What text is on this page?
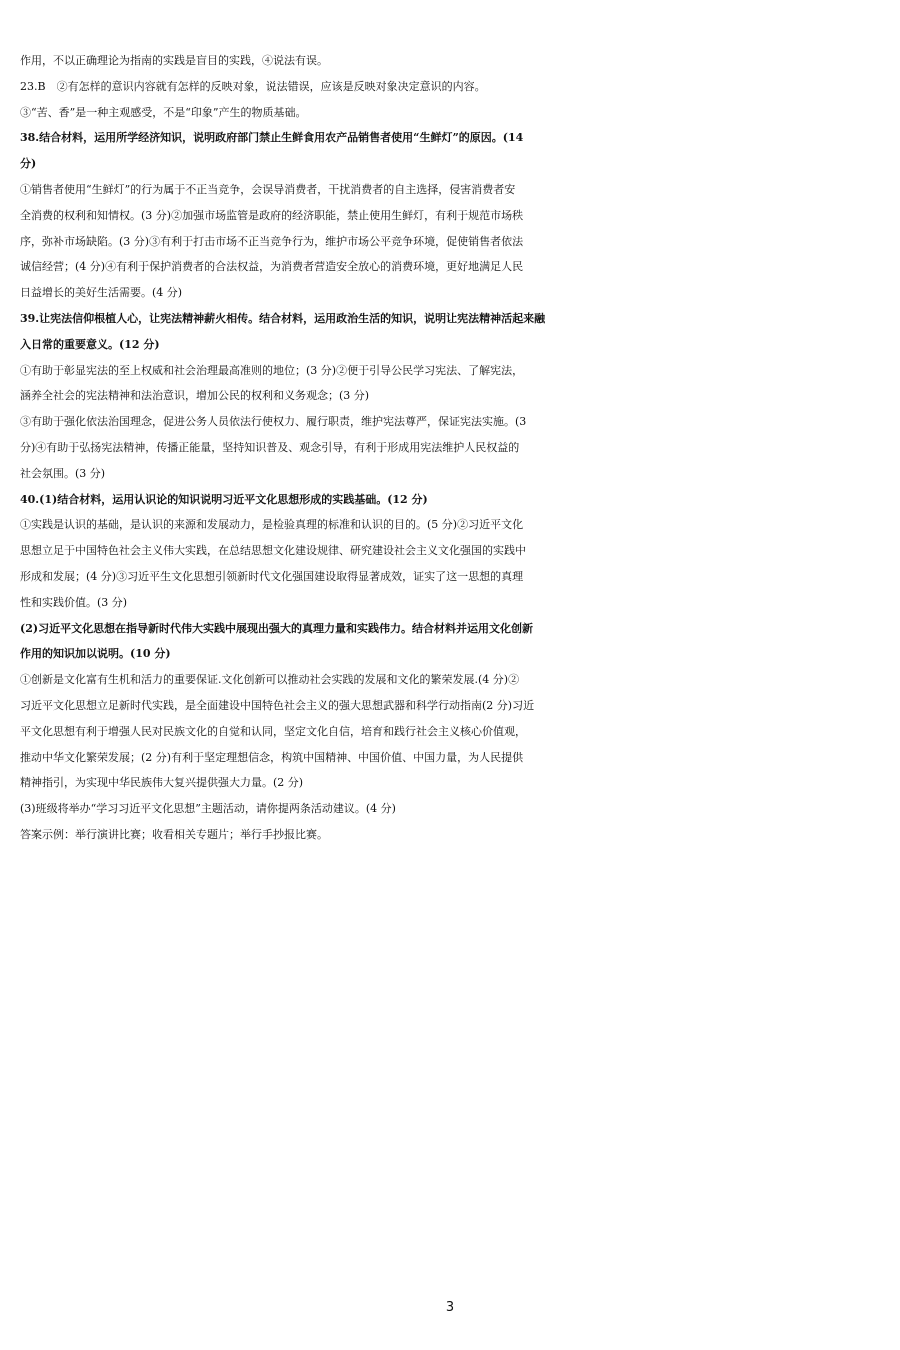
作用，不以正确理论为指南的实践是盲目的实践，④说法有误。
23.B　②有怎样的意识内容就有怎样的反映对象，说法错误，应该是反映对象决定意识的内容。
③“苦、香”是一种主观感受，不是“印象”产生的物质基础。
38.结合材料，运用所学经济知识，说明政府部门禁止生鲜食用农产品销售者使用“生鲜灯”的原因。(14
分)
①销售者使用“生鲜灯”的行为属于不正当竞争，会误导消费者，干扰消费者的自主选择，侵害消费者安
全消费的权利和知情权。(3 分)②加强市场监管是政府的经济职能，禁止使用生鲜灯，有利于规范市场秩
序，弥补市场缺陷。(3 分)③有利于打击市场不正当竞争行为，维护市场公平竞争环境，促使销售者依法
诚信经营；(4 分)④有利于保护消费者的合法权益，为消费者营造安全放心的消费环境，更好地满足人民
日益增长的美好生活需要。(4 分)
39.让宪法信仰根植人心，让宪法精神薪火相传。结合材料，运用政治生活的知识，说明让宪法精神活起来融
入日常的重要意义。(12 分)
①有助于彰显宪法的至上权威和社会治理最高准则的地位；(3 分)②便于引导公民学习宪法、了解宪法，
涵养全社会的宪法精神和法治意识，增加公民的权利和义务观念；(3 分)
③有助于强化依法治国理念，促进公务人员依法行使权力、履行职责，维护宪法尊严，保证宪法实施。(3
分)④有助于弘扬宪法精神，传播正能量，坚持知识普及、观念引导，有利于形成用宪法维护人民权益的
社会氛围。(3 分)
40.(1)结合材料，运用认识论的知识说明习近平文化思想形成的实践基础。(12 分)
①实践是认识的基础，是认识的来源和发展动力，是检验真理的标准和认识的目的。(5 分)②习近平文化
思想立足于中国特色社会主义伟大实践，在总结思想文化建设规律、研究建设社会主义文化强国的实践中
形成和发展；(4 分)③习近平生文化思想引领新时代文化强国建设取得显著成效，证实了这一思想的真理
性和实践价值。(3 分)
(2)习近平文化思想在指导新时代伟大实践中展现出强大的真理力量和实践伟力。结合材料并运用文化创新
作用的知识加以说明。(10 分)
①创新是文化富有生机和活力的重要保证.文化创新可以推动社会实践的发展和文化的繁荣发展.(4 分)②
习近平文化思想立足新时代实践，是全面建设中国特色社会主义的强大思想武器和科学行动指南(2 分)习近
平文化思想有利于增强人民对民族文化的自觉和认同，坚定文化自信，培育和践行社会主义核心价值观，
推动中华文化繁荣发展；(2 分)有利于坚定理想信念，构筑中国精神、中国价值、中国力量，为人民提供
精神指引，为实现中华民族伟大复兴提供强大力量。(2 分)
(3)班级将举办“学习习近平文化思想”主题活动，请你提两条活动建议。(4 分)
答案示例：举行演讲比赛；收看相关专题片；举行手抄报比赛。
3
